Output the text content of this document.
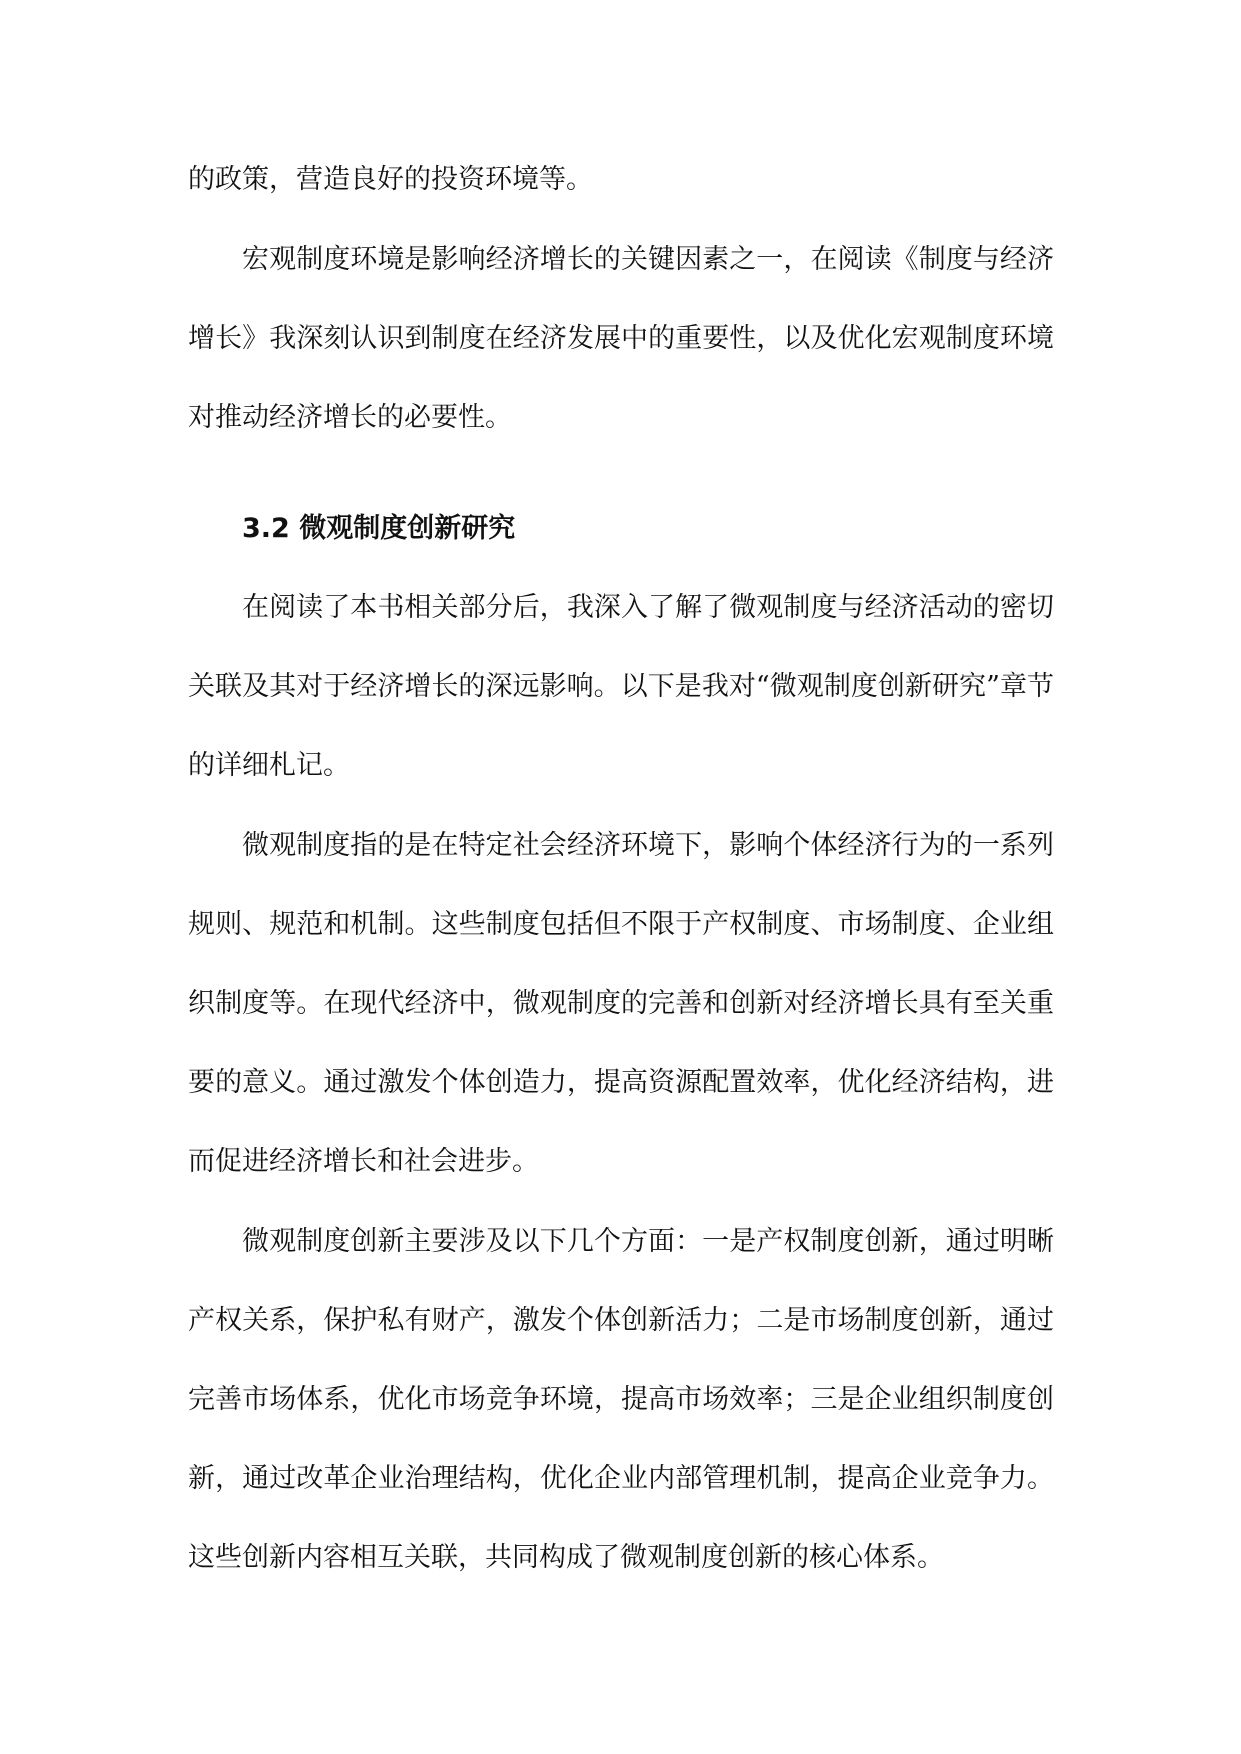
的政策，营造良好的投资环境等。

宏观制度环境是影响经济增长的关键因素之一，在阅读《制度与经济增长》我深刻认识到制度在经济发展中的重要性，以及优化宏观制度环境对推动经济增长的必要性。

3.2 微观制度创新研究

在阅读了本书相关部分后，我深入了解了微观制度与经济活动的密切关联及其对于经济增长的深远影响。以下是我对“微观制度创新研究”章节的详细札记。

微观制度指的是在特定社会经济环境下，影响个体经济行为的一系列规则、规范和机制。这些制度包括但不限于产权制度、市场制度、企业组织制度等。在现代经济中，微观制度的完善和创新对经济增长具有至关重要的意义。通过激发个体创造力，提高资源配置效率，优化经济结构，进而促进经济增长和社会进步。

微观制度创新主要涉及以下几个方面：一是产权制度创新，通过明晰产权关系，保护私有财产，激发个体创新活力；二是市场制度创新，通过完善市场体系，优化市场竞争环境，提高市场效率；三是企业组织制度创新，通过改革企业治理结构，优化企业内部管理机制，提高企业竞争力。这些创新内容相互关联，共同构成了微观制度创新的核心体系。
